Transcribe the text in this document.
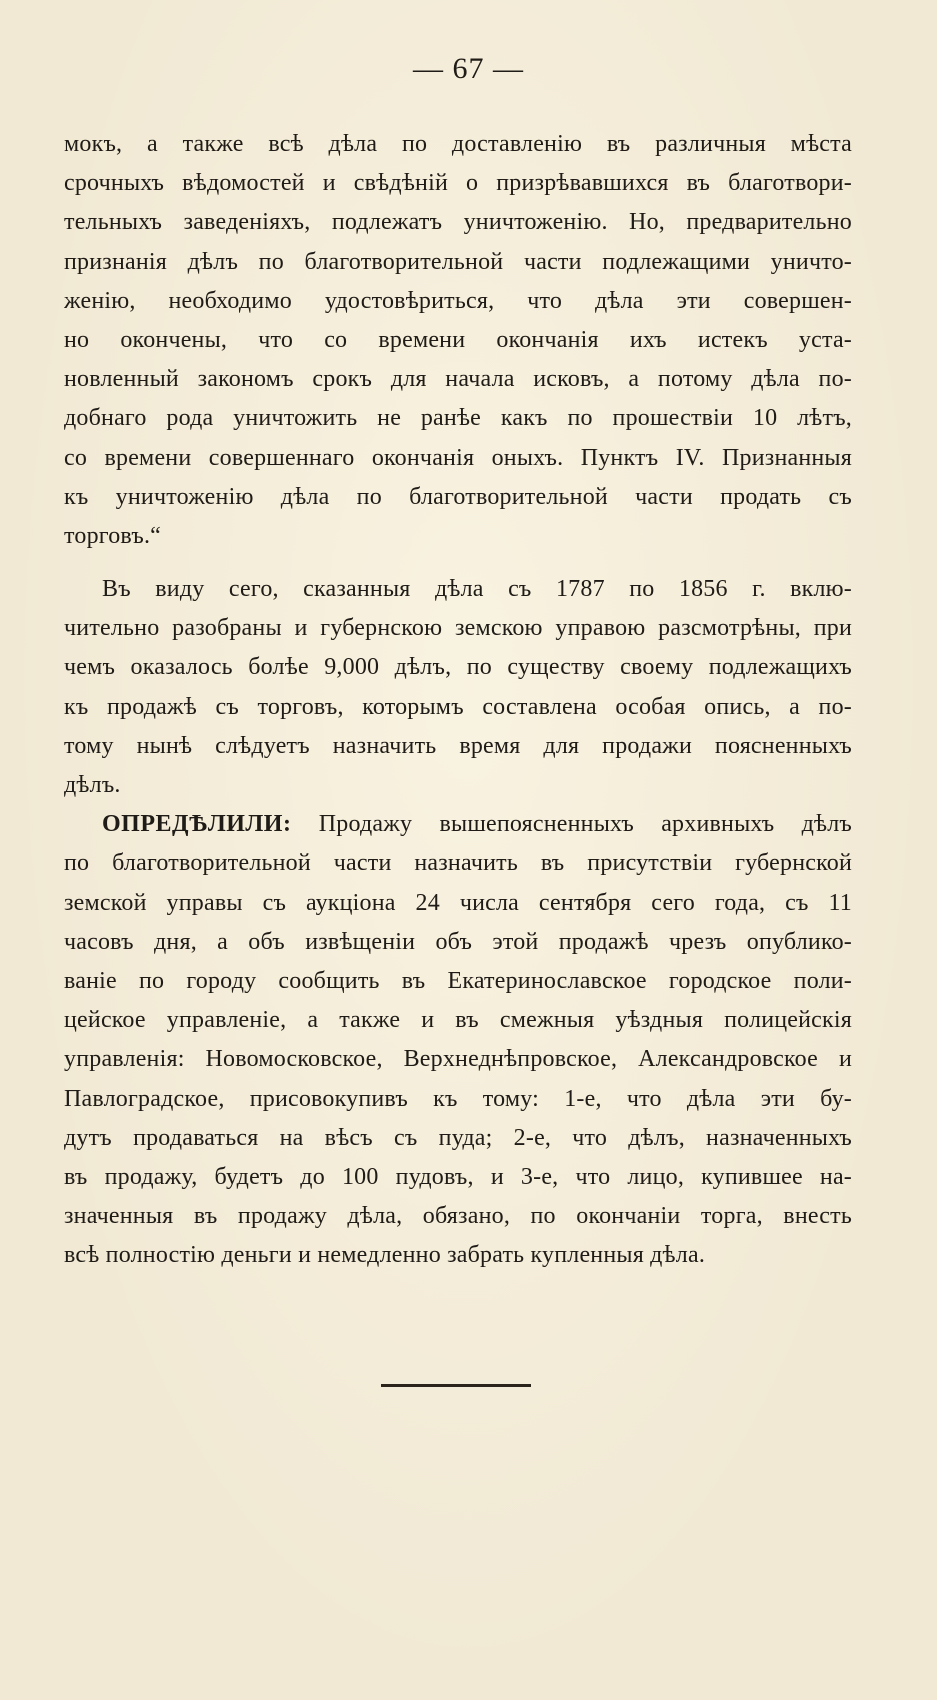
— 67 —
мокъ, а также всѣ дѣла по доставленію въ различныя мѣста
срочныхъ вѣдомостей и свѣдѣній о призрѣвавшихся въ благотвори-
тельныхъ заведеніяхъ, подлежатъ уничтоженію. Но, предварительно
признанія дѣлъ по благотворительной части подлежащими уничто-
женію, необходимо удостовѣриться, что дѣла эти совершен-
но окончены, что со времени окончанія ихъ истекъ уста-
новленный закономъ срокъ для начала исковъ, а потому дѣла по-
добнаго рода уничтожить не ранѣе какъ по прошествіи 10 лѣтъ,
со времени совершеннаго окончанія оныхъ. Пунктъ IV. Признанныя
къ уничтоженію дѣла по благотворительной части продать съ
торговъ.“
Въ виду сего, сказанныя дѣла съ 1787 по 1856 г. вклю-
чительно разобраны и губернскою земскою управою разсмотрѣны, при
чемъ оказалось болѣе 9,000 дѣлъ, по существу своему подлежащихъ
къ продажѣ съ торговъ, которымъ составлена особая опись, а по-
тому нынѣ слѣдуетъ назначить время для продажи поясненныхъ
дѣлъ.
ОПРЕДѢЛИЛИ: Продажу вышепоясненныхъ архивныхъ дѣлъ
по благотворительной части назначить въ присутствіи губернской
земской управы съ аукціона 24 числа сентября сего года, съ 11
часовъ дня, а объ извѣщеніи объ этой продажѣ чрезъ опублико-
ваніе по городу сообщить въ Екатеринославское городское поли-
цейское управленіе, а также и въ смежныя уѣздныя полицейскія
управленія: Новомосковское, Верхнеднѣпровское, Александровское и
Павлоградское, присовокупивъ къ тому: 1-е, что дѣла эти бу-
дутъ продаваться на вѣсъ съ пуда; 2-е, что дѣлъ, назначенныхъ
въ продажу, будетъ до 100 пудовъ, и 3-е, что лицо, купившее на-
значенныя въ продажу дѣла, обязано, по окончаніи торга, внесть
всѣ полностію деньги и немедленно забрать купленныя дѣла.
